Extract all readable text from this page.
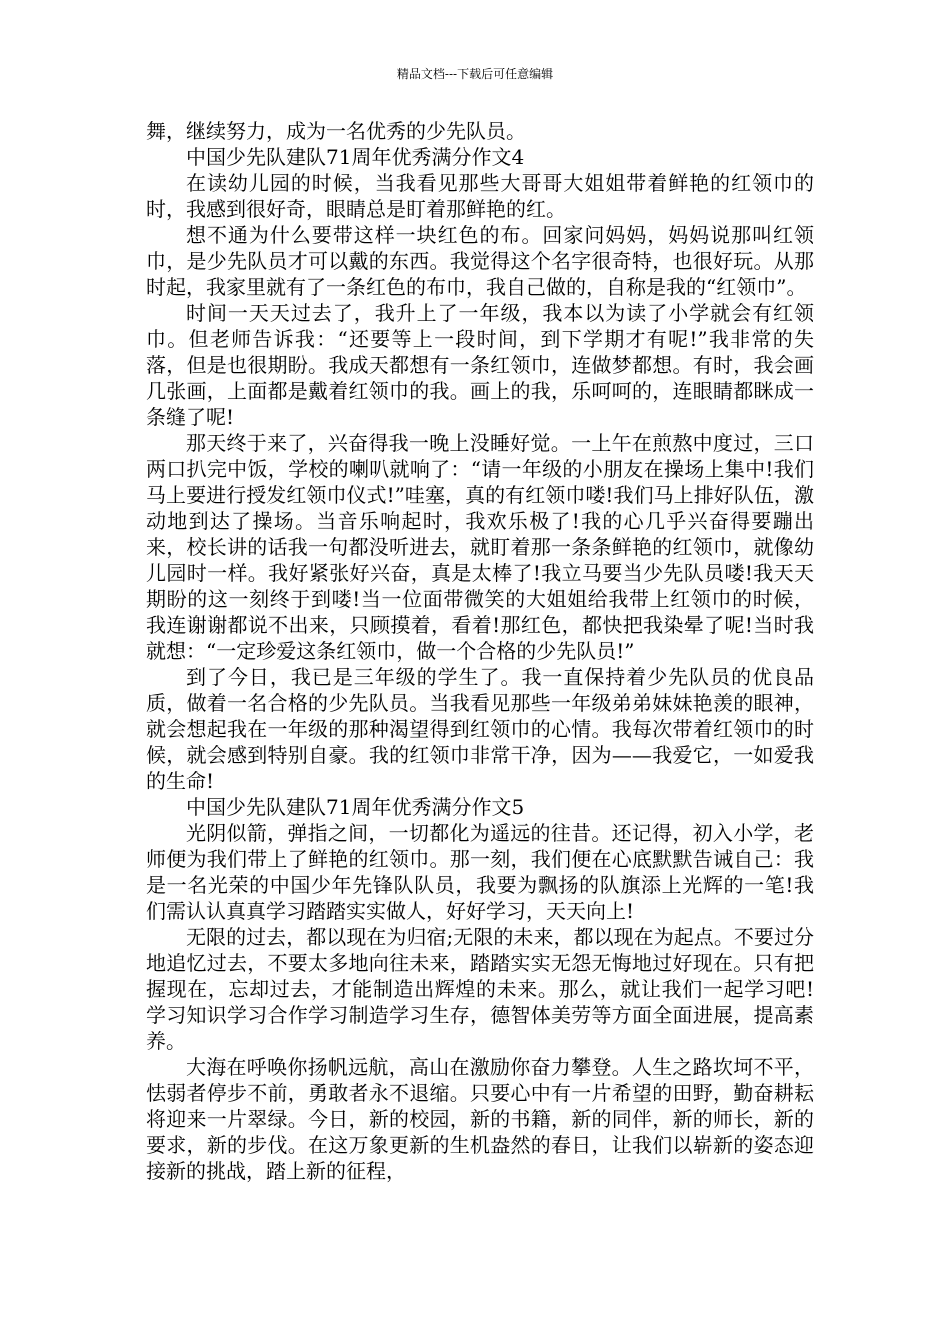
精品文档---下载后可任意编辑

舞，继续努力，成为一名优秀的少先队员。

中国少先队建队71周年优秀满分作文4

在读幼儿园的时候，当我看见那些大哥哥大姐姐带着鲜艳的红领巾的时，我感到很好奇，眼睛总是盯着那鲜艳的红。

想不通为什么要带这样一块红色的布。回家问妈妈，妈妈说那叫红领巾，是少先队员才可以戴的东西。我觉得这个名字很奇特，也很好玩。从那时起，我家里就有了一条红色的布巾，我自己做的，自称是我的“红领巾”。

时间一天天过去了，我升上了一年级，我本以为读了小学就会有红领巾。但老师告诉我：“还要等上一段时间，到下学期才有呢!”我非常的失落，但是也很期盼。我成天都想有一条红领巾，连做梦都想。有时，我会画几张画，上面都是戴着红领巾的我。画上的我，乐呵呵的，连眼睛都眯成一条缝了呢!

那天终于来了，兴奋得我一晚上没睡好觉。一上午在煎熬中度过，三口两口扒完中饭，学校的喇叭就响了：“请一年级的小朋友在操场上集中!我们马上要进行授发红领巾仪式!”哇塞，真的有红领巾喽!我们马上排好队伍，激动地到达了操场。当音乐响起时，我欢乐极了!我的心几乎兴奋得要蹦出来，校长讲的话我一句都没听进去，就盯着那一条条鲜艳的红领巾，就像幼儿园时一样。我好紧张好兴奋，真是太棒了!我立马要当少先队员喽!我天天期盼的这一刻终于到喽!当一位面带微笑的大姐姐给我带上红领巾的时候，我连谢谢都说不出来，只顾摸着，看着!那红色，都快把我染晕了呢!当时我就想：“一定珍爱这条红领巾，做一个合格的少先队员!”

到了今日，我已是三年级的学生了。我一直保持着少先队员的优良品质，做着一名合格的少先队员。当我看见那些一年级弟弟妹妹艳羡的眼神，就会想起我在一年级的那种渴望得到红领巾的心情。我每次带着红领巾的时候，就会感到特别自豪。我的红领巾非常干净，因为——我爱它，一如爱我的生命!

中国少先队建队71周年优秀满分作文5

光阴似箭，弹指之间，一切都化为遥远的往昔。还记得，初入小学，老师便为我们带上了鲜艳的红领巾。那一刻，我们便在心底默默告诫自己：我是一名光荣的中国少年先锋队队员，我要为飘扬的队旗添上光辉的一笔!我们需认认真真学习踏踏实实做人，好好学习，天天向上!

无限的过去，都以现在为归宿;无限的未来，都以现在为起点。不要过分地追忆过去，不要太多地向往未来，踏踏实实无怨无悔地过好现在。只有把握现在，忘却过去，才能制造出辉煌的未来。那么，就让我们一起学习吧!学习知识学习合作学习制造学习生存，德智体美劳等方面全面进展，提高素养。

大海在呼唤你扬帆远航，高山在激励你奋力攀登。人生之路坎坷不平，怯弱者停步不前，勇敢者永不退缩。只要心中有一片希望的田野，勤奋耕耘将迎来一片翠绿。今日，新的校园，新的书籍，新的同伴，新的师长，新的要求，新的步伐。在这万象更新的生机盎然的春日，让我们以崭新的姿态迎接新的挑战，踏上新的征程，
